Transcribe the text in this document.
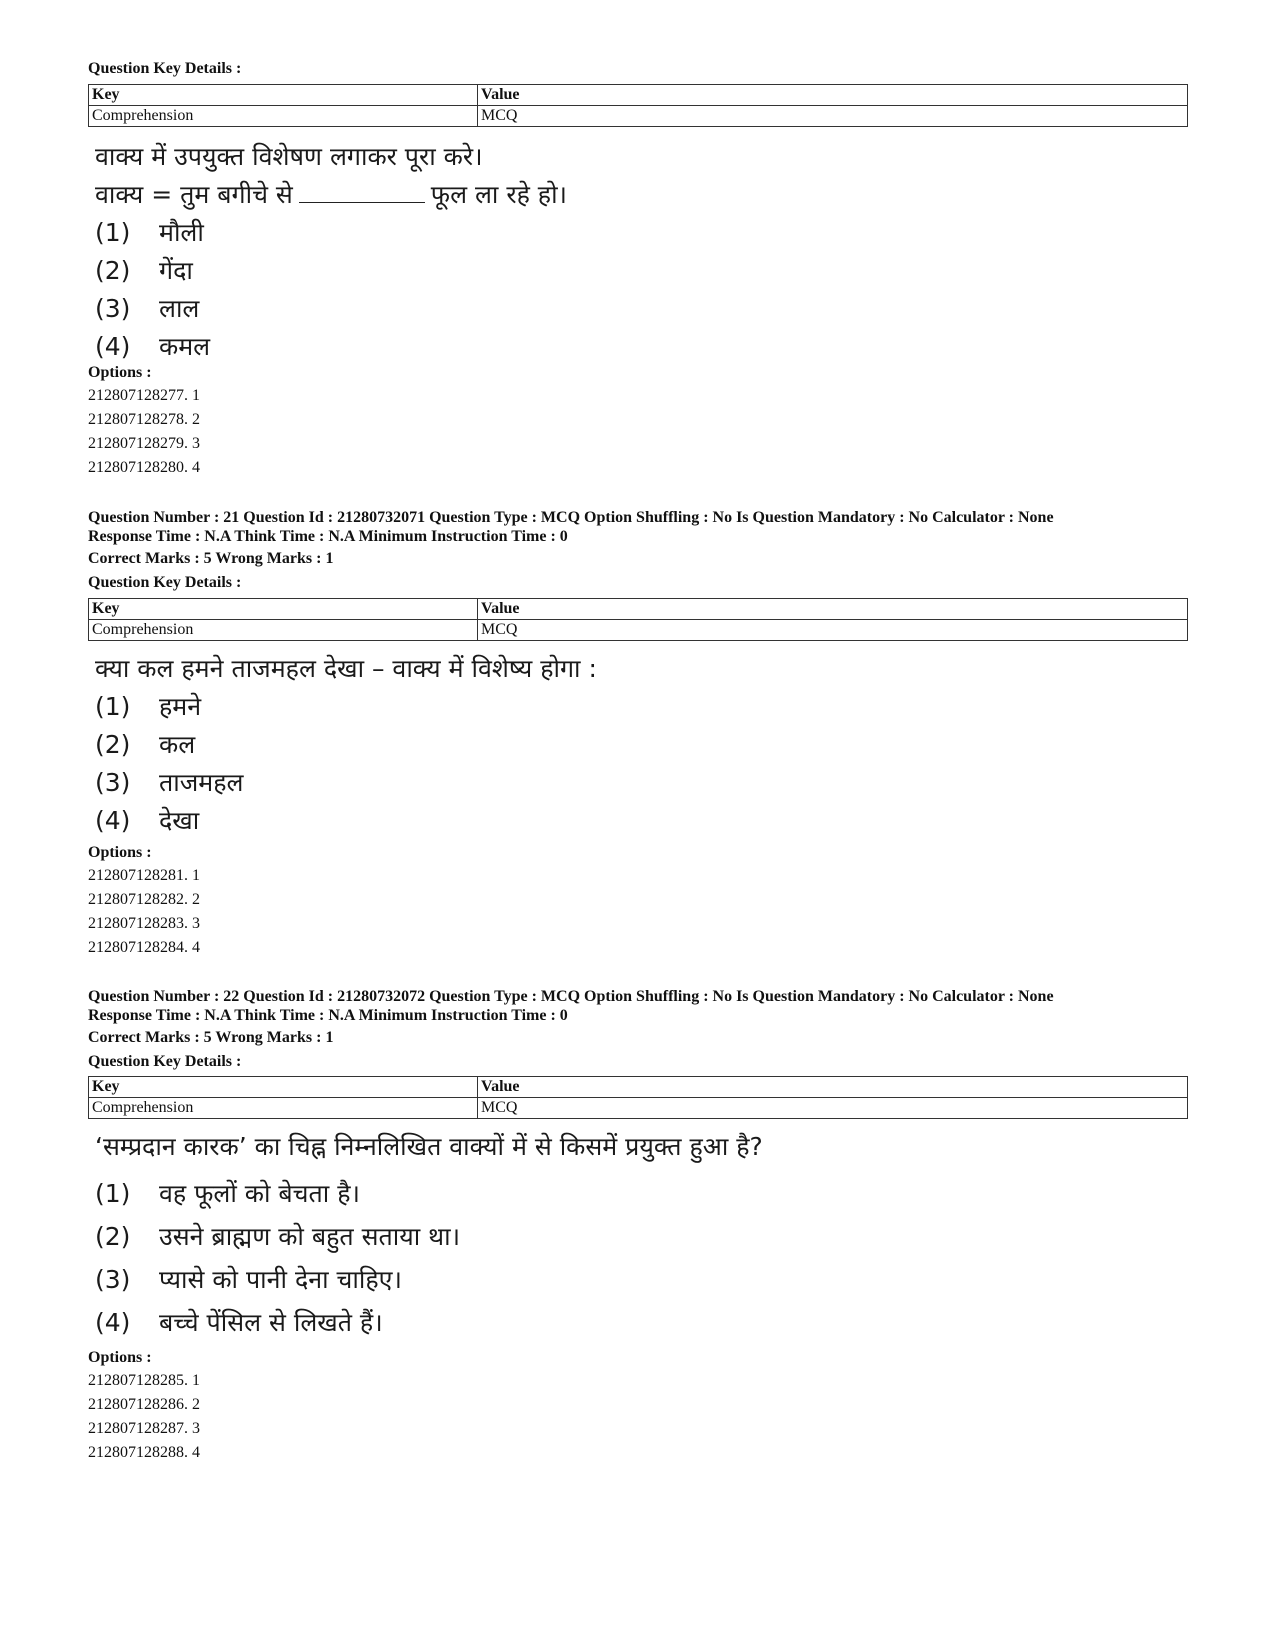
Question Key Details :
Key	Value
Comprehension	MCQ
वाक्य में उपयुक्त विशेषण लगाकर पूरा करे।
वाक्य = तुम बगीचे से	फूल ला रहे हो।
(1)	मौली
(2)	गेंदा
(3)	लाल
(4)	कमल
Options :
212807128277. 1
212807128278. 2
212807128279. 3
212807128280. 4
Question Number : 21 Question Id : 21280732071 Question Type : MCQ Option Shuffling : No Is Question Mandatory : No Calculator : None
Response Time : N.A Think Time : N.A Minimum Instruction Time : 0
Correct Marks : 5 Wrong Marks : 1
Question Key Details :
Key	Value
Comprehension	MCQ
क्या कल हमने ताजमहल देखा – वाक्य में विशेष्य होगा :
(1)	हमने
(2)	कल
(3)	ताजमहल
(4)	देखा
Options :
212807128281. 1
212807128282. 2
212807128283. 3
212807128284. 4
Question Number : 22 Question Id : 21280732072 Question Type : MCQ Option Shuffling : No Is Question Mandatory : No Calculator : None
Response Time : N.A Think Time : N.A Minimum Instruction Time : 0
Correct Marks : 5 Wrong Marks : 1
Question Key Details :
Key	Value
Comprehension	MCQ
‘सम्प्रदान कारक’ का चिह्न निम्नलिखित वाक्यों में से किसमें प्रयुक्त हुआ है?
(1)	वह फूलों को बेचता है।
(2)	उसने ब्राह्मण को बहुत सताया था।
(3)	प्यासे को पानी देना चाहिए।
(4)	बच्चे पेंसिल से लिखते हैं।
Options :
212807128285. 1
212807128286. 2
212807128287. 3
212807128288. 4
